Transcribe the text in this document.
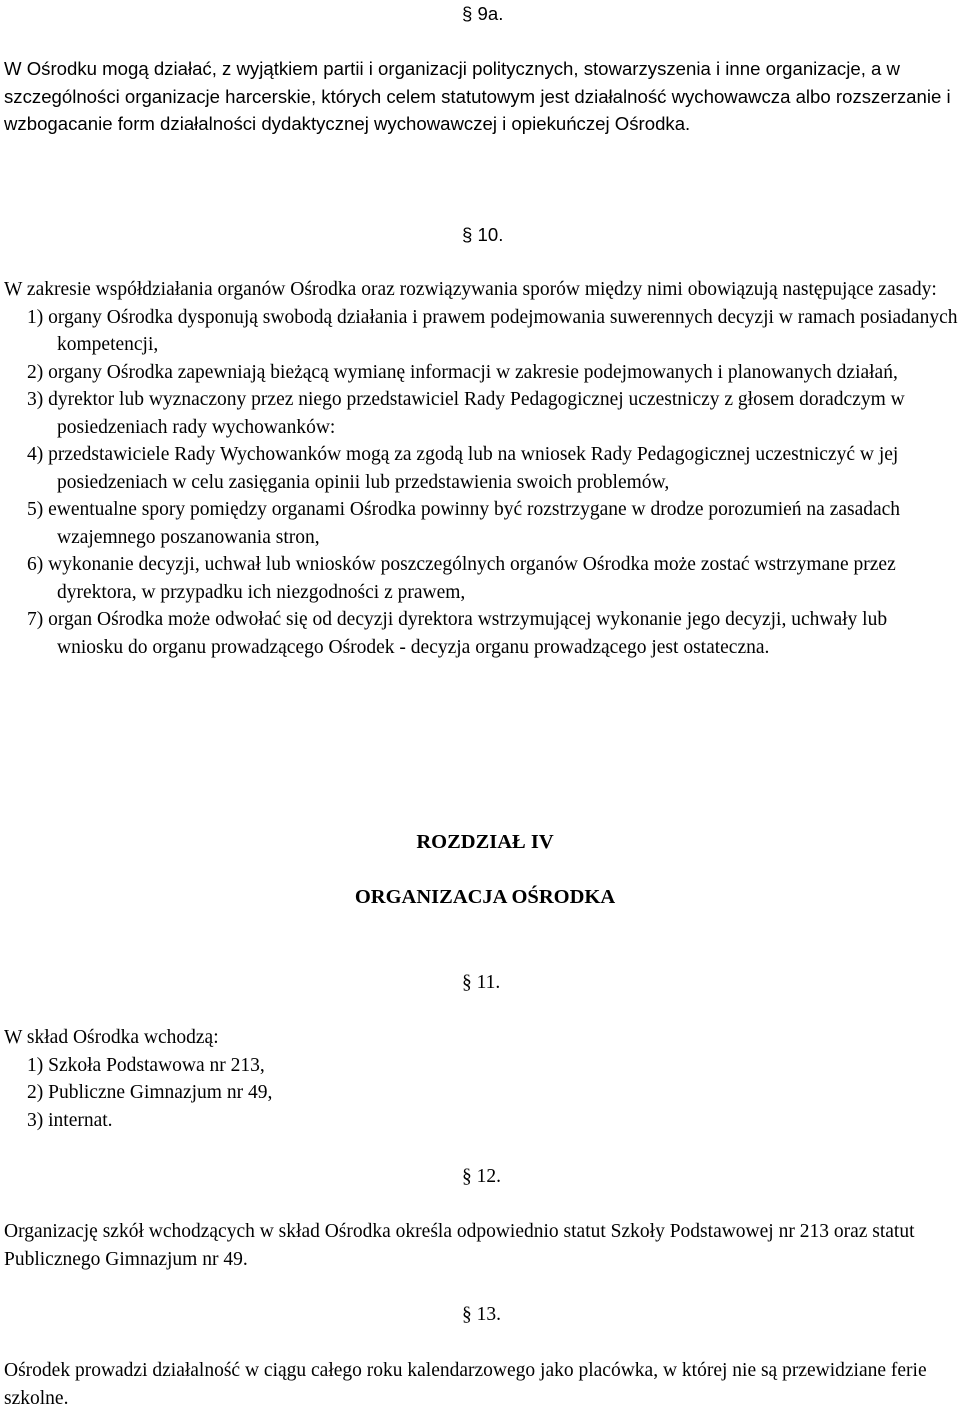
§ 9a.

W Ośrodku mogą działać, z wyjątkiem partii i organizacji politycznych, stowarzyszenia i inne organizacje, a w szczególności organizacje harcerskie, których celem statutowym jest działalność wychowawcza albo rozszerzanie i wzbogacanie form działalności dydaktycznej wychowawczej i opiekuńczej Ośrodka.

§ 10.

W zakresie współdziałania organów Ośrodka oraz rozwiązywania sporów między nimi obowiązują następujące zasady:

1) organy Ośrodka dysponują swobodą działania i prawem podejmowania suwerennych decyzji w ramach posiadanych kompetencji,
2) organy Ośrodka zapewniają bieżącą wymianę informacji w zakresie podejmowanych i planowanych działań,
3) dyrektor lub wyznaczony przez niego przedstawiciel Rady Pedagogicznej uczestniczy z głosem doradczym w posiedzeniach rady wychowanków:
4) przedstawiciele Rady Wychowanków mogą za zgodą lub na wniosek Rady Pedagogicznej uczestniczyć w jej posiedzeniach w celu zasięgania opinii lub przedstawienia swoich problemów,
5) ewentualne spory pomiędzy organami Ośrodka powinny być rozstrzygane w drodze porozumień na zasadach wzajemnego poszanowania stron,
6) wykonanie decyzji, uchwał lub wniosków poszczególnych organów Ośrodka może zostać wstrzymane przez dyrektora, w przypadku ich niezgodności z prawem,
7) organ Ośrodka może odwołać się od decyzji dyrektora wstrzymującej wykonanie jego decyzji, uchwały lub wniosku do organu prowadzącego Ośrodek - decyzja organu prowadzącego jest ostateczna.
ROZDZIAŁ IV
ORGANIZACJA OŚRODKA
§ 11.

W skład Ośrodka wchodzą:

1) Szkoła Podstawowa nr 213,
2) Publiczne Gimnazjum nr 49,
3) internat.
§ 12.

Organizację szkół wchodzących w skład Ośrodka określa odpowiednio statut Szkoły Podstawowej nr 213 oraz statut Publicznego Gimnazjum nr 49.

§ 13.

Ośrodek prowadzi działalność w ciągu całego roku kalendarzowego jako placówka, w której nie są przewidziane ferie szkolne.
